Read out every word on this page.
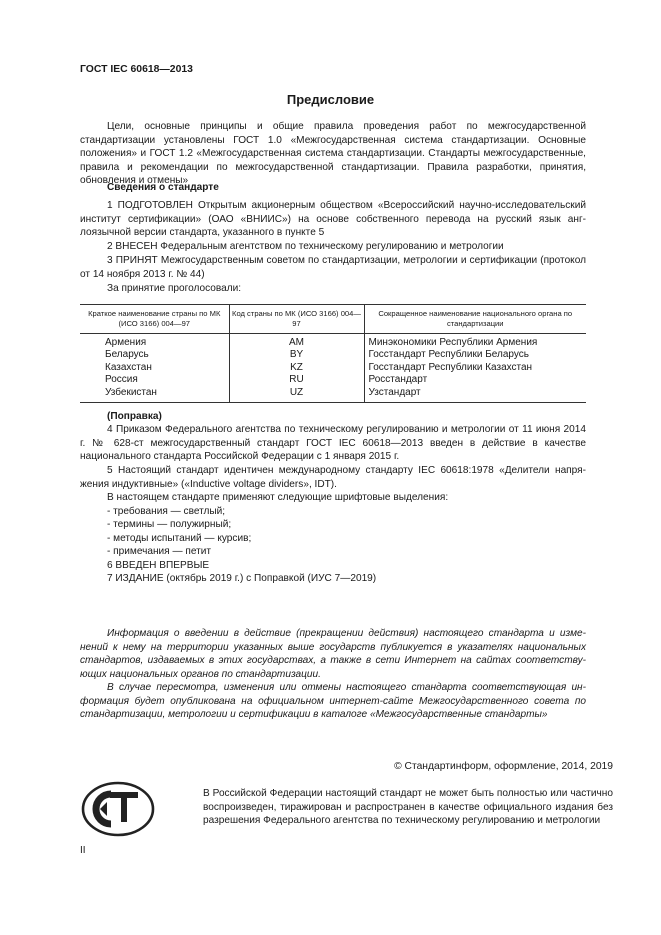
ГОСТ IEC 60618—2013
Предисловие
Цели, основные принципы и общие правила проведения работ по межгосударственной стандартизации установлены ГОСТ 1.0 «Межгосударственная система стандартизации. Основные положения» и ГОСТ 1.2 «Межгосударственная система стандартизации. Стандарты межгосударственные, правила и рекомендации по межгосударственной стандартизации. Правила разработки, принятия, обновления и отмены»
Сведения о стандарте
1 ПОДГОТОВЛЕН Открытым акционерным обществом «Всероссийский научно-исследовательский институт сертификации» (ОАО «ВНИИС») на основе собственного перевода на русский язык англоязычной версии стандарта, указанного в пункте 5
2 ВНЕСЕН Федеральным агентством по техническому регулированию и метрологии
3 ПРИНЯТ Межгосударственным советом по стандартизации, метрологии и сертификации (протокол от 14 ноября 2013 г. № 44)
За принятие проголосовали:
Краткое наименование страны по МК (ИСО 3166) 004—97	Код страны по МК (ИСО 3166) 004—97	Сокращенное наименование национального органа по стандартизации
Армения	AM	Минэкономики Республики Армения
Беларусь	BY	Госстандарт Республики Беларусь
Казахстан	KZ	Госстандарт Республики Казахстан
Россия	RU	Росстандарт
Узбекистан	UZ	Узстандарт
(Поправка)
4 Приказом Федерального агентства по техническому регулированию и метрологии от 11 июня 2014 г. № 628-ст межгосударственный стандарт ГОСТ IEC 60618—2013 введен в действие в качестве национального стандарта Российской Федерации с 1 января 2015 г.
5 Настоящий стандарт идентичен международному стандарту IEC 60618:1978 «Делители напряжения индуктивные» («Inductive voltage dividers», IDT).
В настоящем стандарте применяют следующие шрифтовые выделения:
- требования — светлый;
- термины — полужирный;
- методы испытаний — курсив;
- примечания — петит
6 ВВЕДЕН ВПЕРВЫЕ
7 ИЗДАНИЕ (октябрь 2019 г.) с Поправкой (ИУС 7—2019)
Информация о введении в действие (прекращении действия) настоящего стандарта и изменений к нему на территории указанных выше государств публикуется в указателях национальных стандартов, издаваемых в этих государствах, а также в сети Интернет на сайтах соответствующих национальных органов по стандартизации.
В случае пересмотра, изменения или отмены настоящего стандарта соответствующая информация будет опубликована на официальном интернет-сайте Межгосударственного совета по стандартизации, метрологии и сертификации в каталоге «Межгосударственные стандарты»
© Стандартинформ, оформление, 2014, 2019
В Российской Федерации настоящий стандарт не может быть полностью или частично воспроизведен, тиражирован и распространен в качестве официального издания без разрешения Федерального агентства по техническому регулированию и метрологии
II
